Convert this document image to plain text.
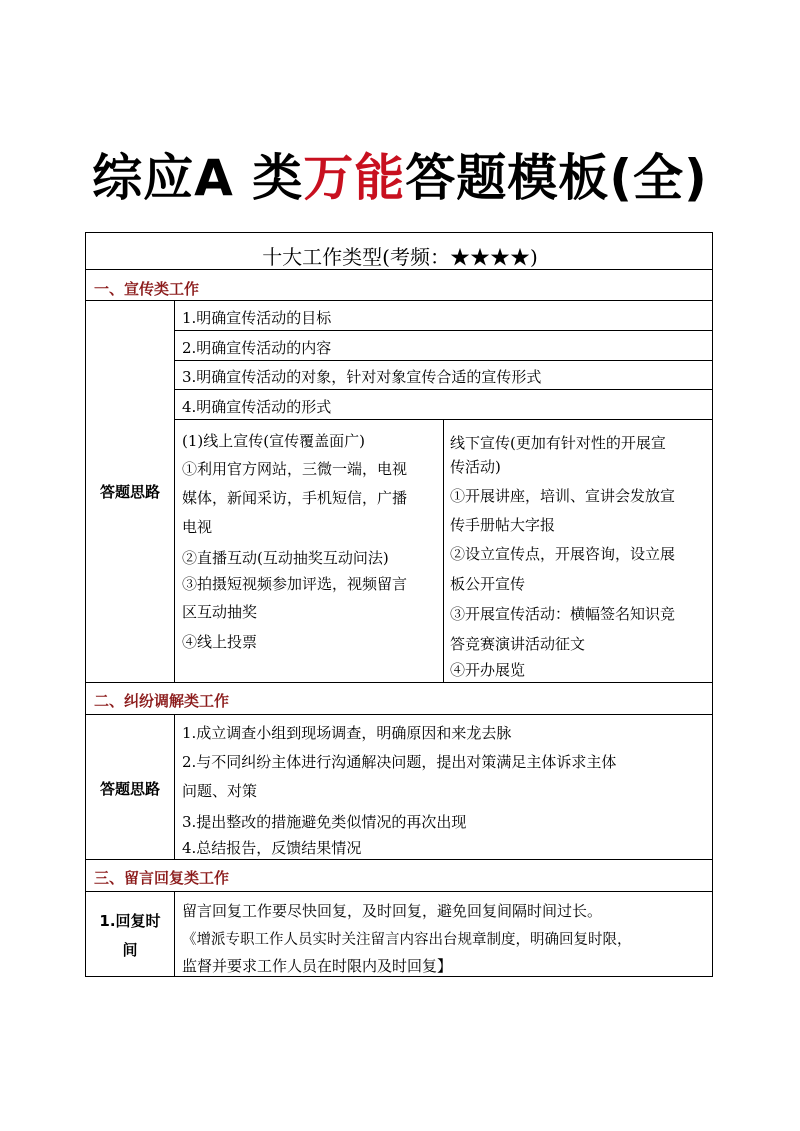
综应A 类万能答题模板(全)
十大工作类型(考频：★★★★)
一、宣传类工作
答题思路
1.明确宣传活动的目标
2.明确宣传活动的内容
3.明确宣传活动的对象，针对对象宣传合适的宣传形式
4.明确宣传活动的形式
(1)线上宣传(宣传覆盖面广)
①利用官方网站，三微一端，电视
媒体，新闻采访，手机短信，广播
电视
②直播互动(互动抽奖互动问法)
③拍摄短视频参加评选，视频留言
区互动抽奖
④线上投票
线下宣传(更加有针对性的开展宣
传活动)
①开展讲座，培训、宣讲会发放宣
传手册帖大字报
②设立宣传点，开展咨询，设立展
板公开宣传
③开展宣传活动：横幅签名知识竞
答竞赛演讲活动征文
④开办展览
二、纠纷调解类工作
答题思路
1.成立调查小组到现场调查，明确原因和来龙去脉
2.与不同纠纷主体进行沟通解决问题，提出对策满足主体诉求主体
问题、对策
3.提出整改的措施避免类似情况的再次出现
4.总结报告，反馈结果情况
三、留言回复类工作
1.回复时
间
留言回复工作要尽快回复，及时回复，避免回复间隔时间过长。
《增派专职工作人员实时关注留言内容出台规章制度，明确回复时限，
监督并要求工作人员在时限内及时回复】
